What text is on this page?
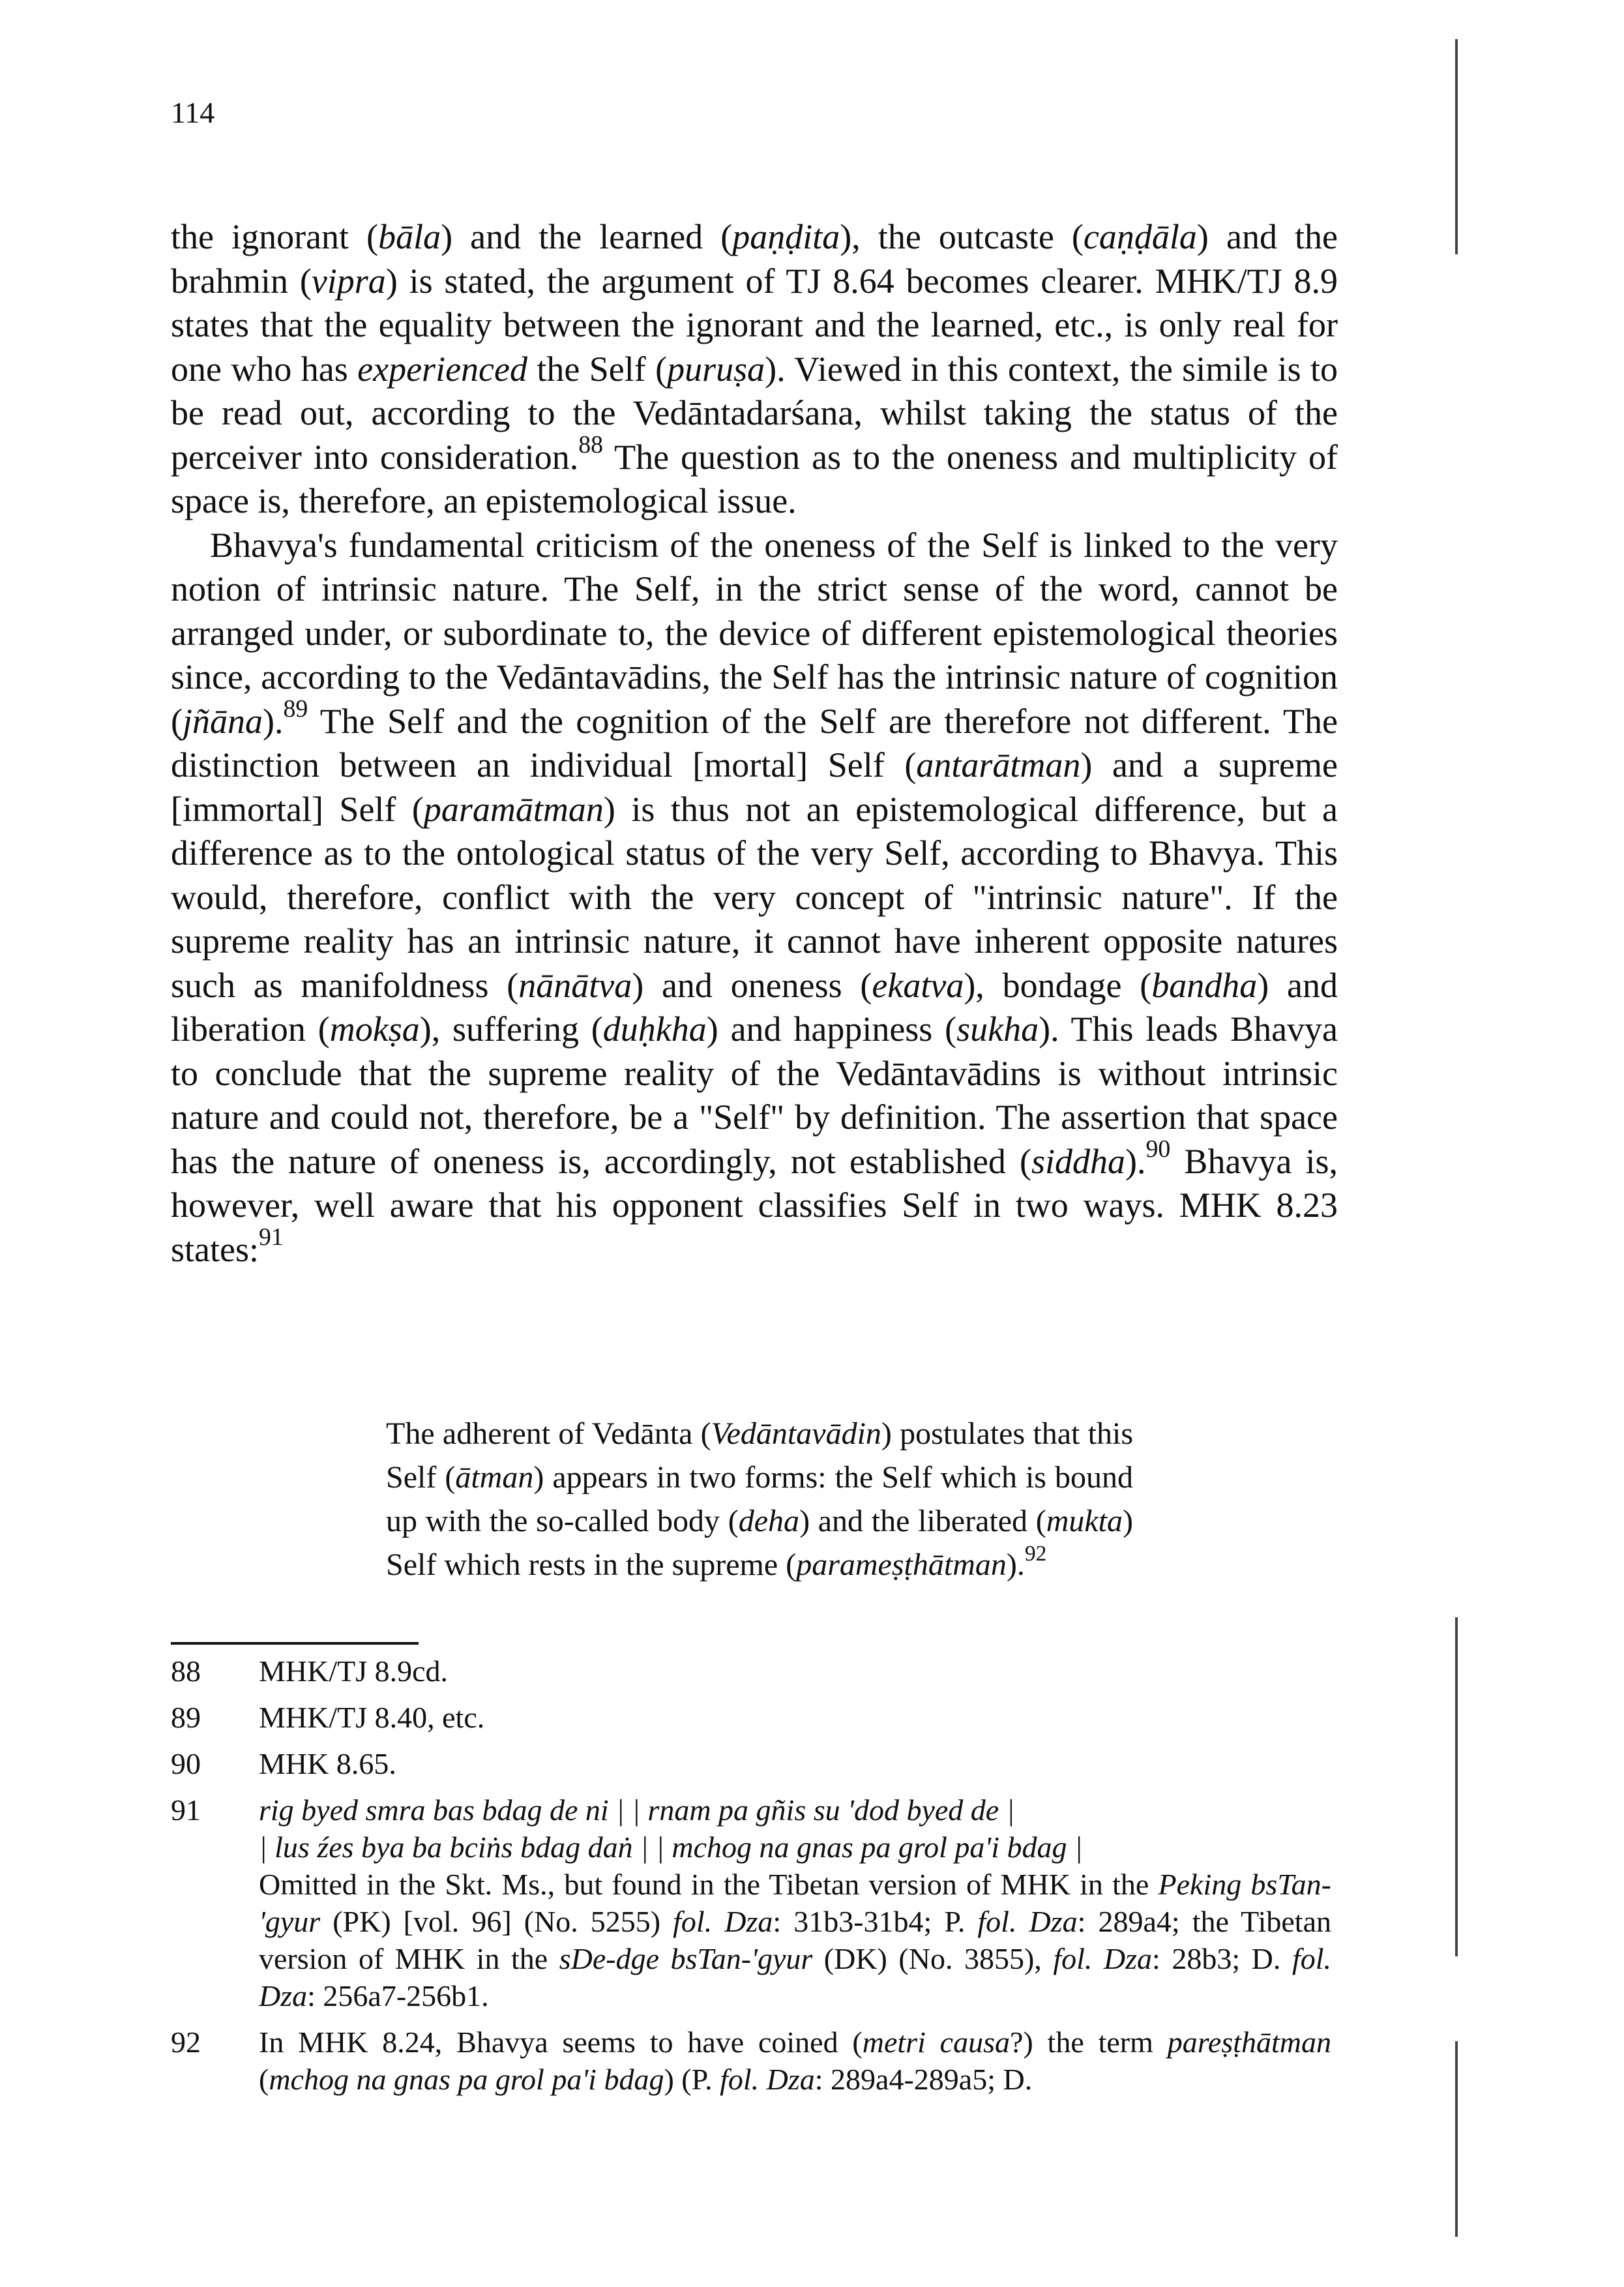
114

the ignorant (bāla) and the learned (paṇḍita), the outcaste (caṇḍāla) and the brahmin (vipra) is stated, the argument of TJ 8.64 becomes clearer. MHK/TJ 8.9 states that the equality between the ignorant and the learned, etc., is only real for one who has experienced the Self (puruṣa). Viewed in this context, the simile is to be read out, according to the Vedāntadarśana, whilst taking the status of the perceiver into consideration.$^{88}$ The question as to the oneness and multiplicity of space is, therefore, an epistemological issue.

Bhavya's fundamental criticism of the oneness of the Self is linked to the very notion of intrinsic nature. The Self, in the strict sense of the word, cannot be arranged under, or subordinate to, the device of different epistemological theories since, according to the Vedāntavādins, the Self has the intrinsic nature of cognition (jñāna).$^{89}$ The Self and the cognition of the Self are therefore not different. The distinction between an individual [mortal] Self (antarātman) and a supreme [immortal] Self (paramātman) is thus not an epistemological difference, but a difference as to the ontological status of the very Self, according to Bhavya. This would, therefore, conflict with the very concept of "intrinsic nature". If the supreme reality has an intrinsic nature, it cannot have inherent opposite natures such as manifoldness (nānātva) and oneness (ekatva), bondage (bandha) and liberation (mokṣa), suffering (duḥkha) and happiness (sukha). This leads Bhavya to conclude that the supreme reality of the Vedāntavādins is without intrinsic nature and could not, therefore, be a "Self" by definition. The assertion that space has the nature of oneness is, accordingly, not established (siddha).$^{90}$ Bhavya is, however, well aware that his opponent classifies Self in two ways. MHK 8.23 states:$^{91}$

The adherent of Vedānta (Vedāntavādin) postulates that this Self (ātman) appears in two forms: the Self which is bound up with the so-called body (deha) and the liberated (mukta) Self which rests in the supreme (parameṣṭhātman).$^{92}$
88	MHK/TJ 8.9cd.
89	MHK/TJ 8.40, etc.
90	MHK 8.65.
91	rig byed smra bas bdag de ni | | rnam pa gñis su 'dod byed de |
| lus źes bya ba bciṅs bdag daṅ | | mchog na gnas pa grol pa'i bdag |
Omitted in the Skt. Ms., but found in the Tibetan version of MHK in the Peking bsTan-'gyur (PK) [vol. 96] (No. 5255) fol. Dza: 31b3-31b4; P. fol. Dza: 289a4; the Tibetan version of MHK in the sDe-dge bsTan-'gyur (DK) (No. 3855), fol. Dza: 28b3; D. fol. Dza: 256a7-256b1.
92	In MHK 8.24, Bhavya seems to have coined (metri causa?) the term pareṣṭhātman (mchog na gnas pa grol pa'i bdag) (P. fol. Dza: 289a4-289a5; D.
